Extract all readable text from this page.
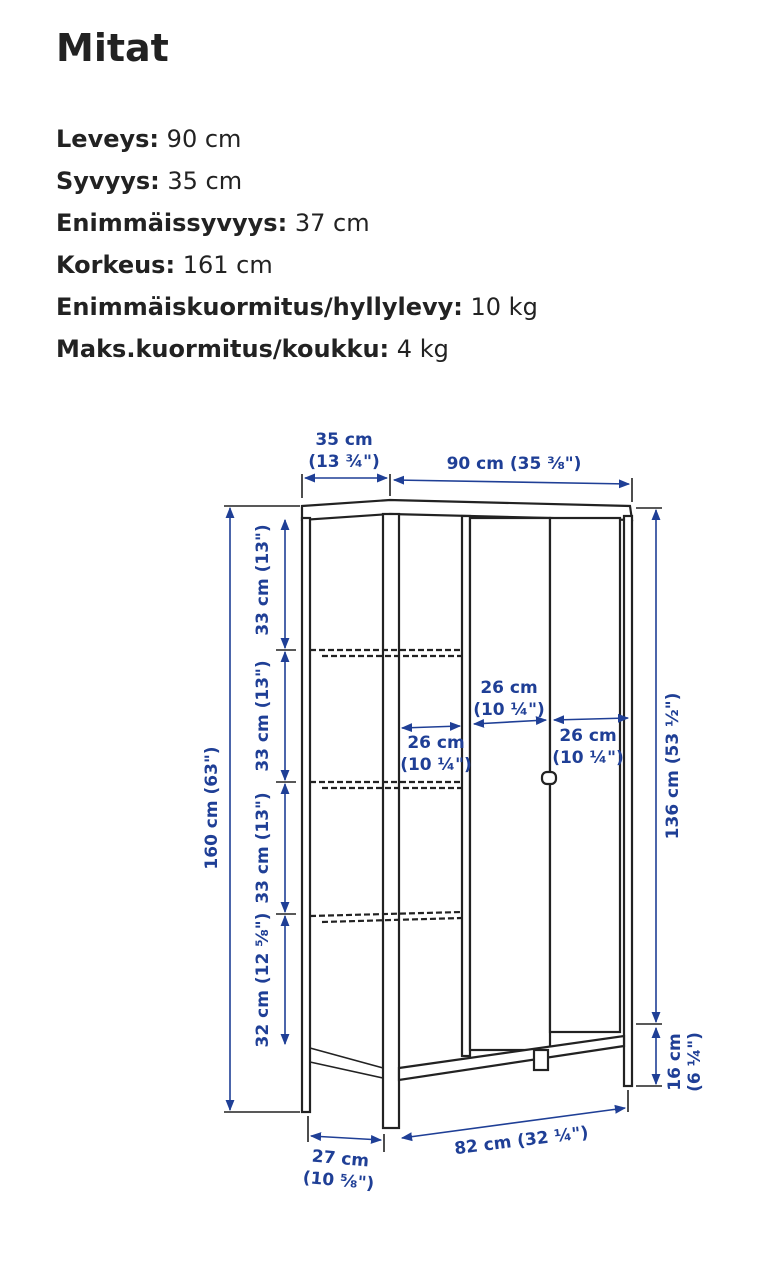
Mitat
Leveys: 90 cm
Syvyys: 35 cm
Enimmäissyvyys: 37 cm
Korkeus: 161 cm
Enimmäiskuormitus/hyllylevy: 10 kg
Maks.kuormitus/koukku: 4 kg
35 cm
(13 ¾")	90 cm (35 ⅜")
160 cm (63")
33 cm (13")
33 cm (13")
33 cm (13")
32 cm (12 ⅝")
26 cm
(10 ¼")
26 cm
(10 ¼")
26 cm
(10 ¼") 136 cm (53 ½")
16 cm (6 ¼")
27 cm
(10 ⅝")
82 cm (32 ¼")
